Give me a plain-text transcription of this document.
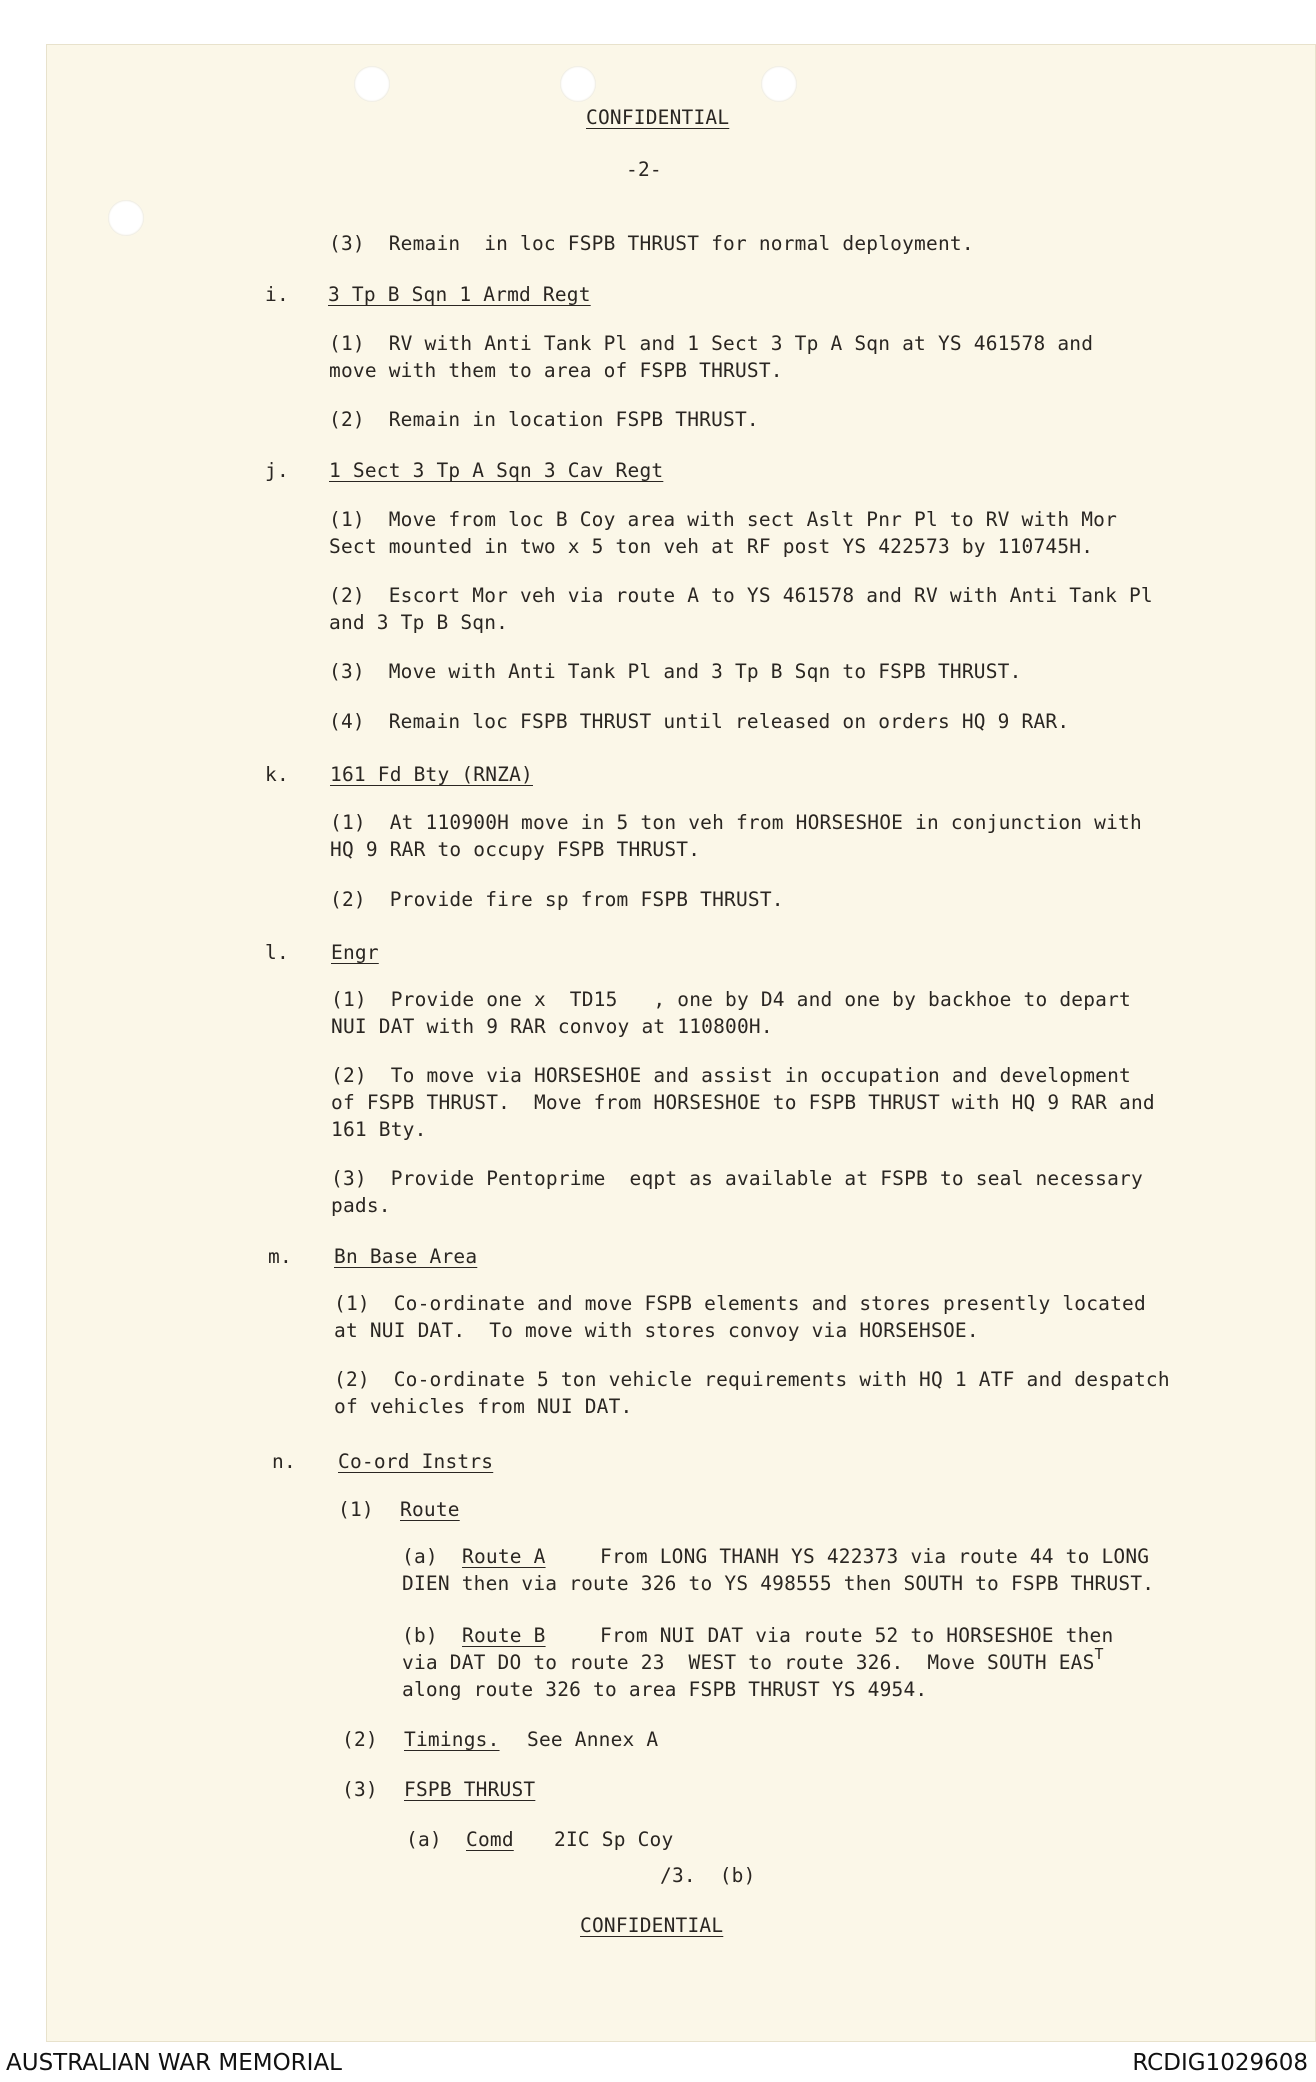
CONFIDENTIAL
-2-
(3)  Remain  in loc FSPB THRUST for normal deployment.
i. 3 Tp B Sqn 1 Armd Regt
(1)  RV with Anti Tank Pl and 1 Sect 3 Tp A Sqn at YS 461578 and
move with them to area of FSPB THRUST.
(2)  Remain in location FSPB THRUST.
j. 1 Sect 3 Tp A Sqn 3 Cav Regt
(1)  Move from loc B Coy area with sect Aslt Pnr Pl to RV with Mor
Sect mounted in two x 5 ton veh at RF post YS 422573 by 110745H.
(2)  Escort Mor veh via route A to YS 461578 and RV with Anti Tank Pl
and 3 Tp B Sqn.
(3)  Move with Anti Tank Pl and 3 Tp B Sqn to FSPB THRUST.
(4)  Remain loc FSPB THRUST until released on orders HQ 9 RAR.
k. 161 Fd Bty (RNZA)
(1)  At 110900H move in 5 ton veh from HORSESHOE in conjunction with
HQ 9 RAR to occupy FSPB THRUST.
(2)  Provide fire sp from FSPB THRUST.
l. Engr
(1)  Provide one x  TD15   , one by D4 and one by backhoe to depart
NUI DAT with 9 RAR convoy at 110800H.
(2)  To move via HORSESHOE and assist in occupation and development
of FSPB THRUST.  Move from HORSESHOE to FSPB THRUST with HQ 9 RAR and
161 Bty.
(3)  Provide Pentoprime  eqpt as available at FSPB to seal necessary
pads.
m. Bn Base Area
(1)  Co-ordinate and move FSPB elements and stores presently located
at NUI DAT.  To move with stores convoy via HORSEHSOE.
(2)  Co-ordinate 5 ton vehicle requirements with HQ 1 ATF and despatch
of vehicles from NUI DAT.
n. Co-ord Instrs
(1) Route
(a) Route A	From LONG THANH YS 422373 via route 44 to LONG
DIEN then via route 326 to YS 498555 then SOUTH to FSPB THRUST.
(b) Route B	From NUI DAT via route 52 to HORSESHOE then
via DAT DO to route 23  WEST to route 326.  Move SOUTH $EAS^T$
along route 326 to area FSPB THRUST YS 4954.
(2) Timings. See Annex A
(3) FSPB THRUST
(a) Comd 2IC Sp Coy
/3.  (b)
CONFIDENTIAL
AUSTRALIAN WAR MEMORIAL	RCDIG1029608
